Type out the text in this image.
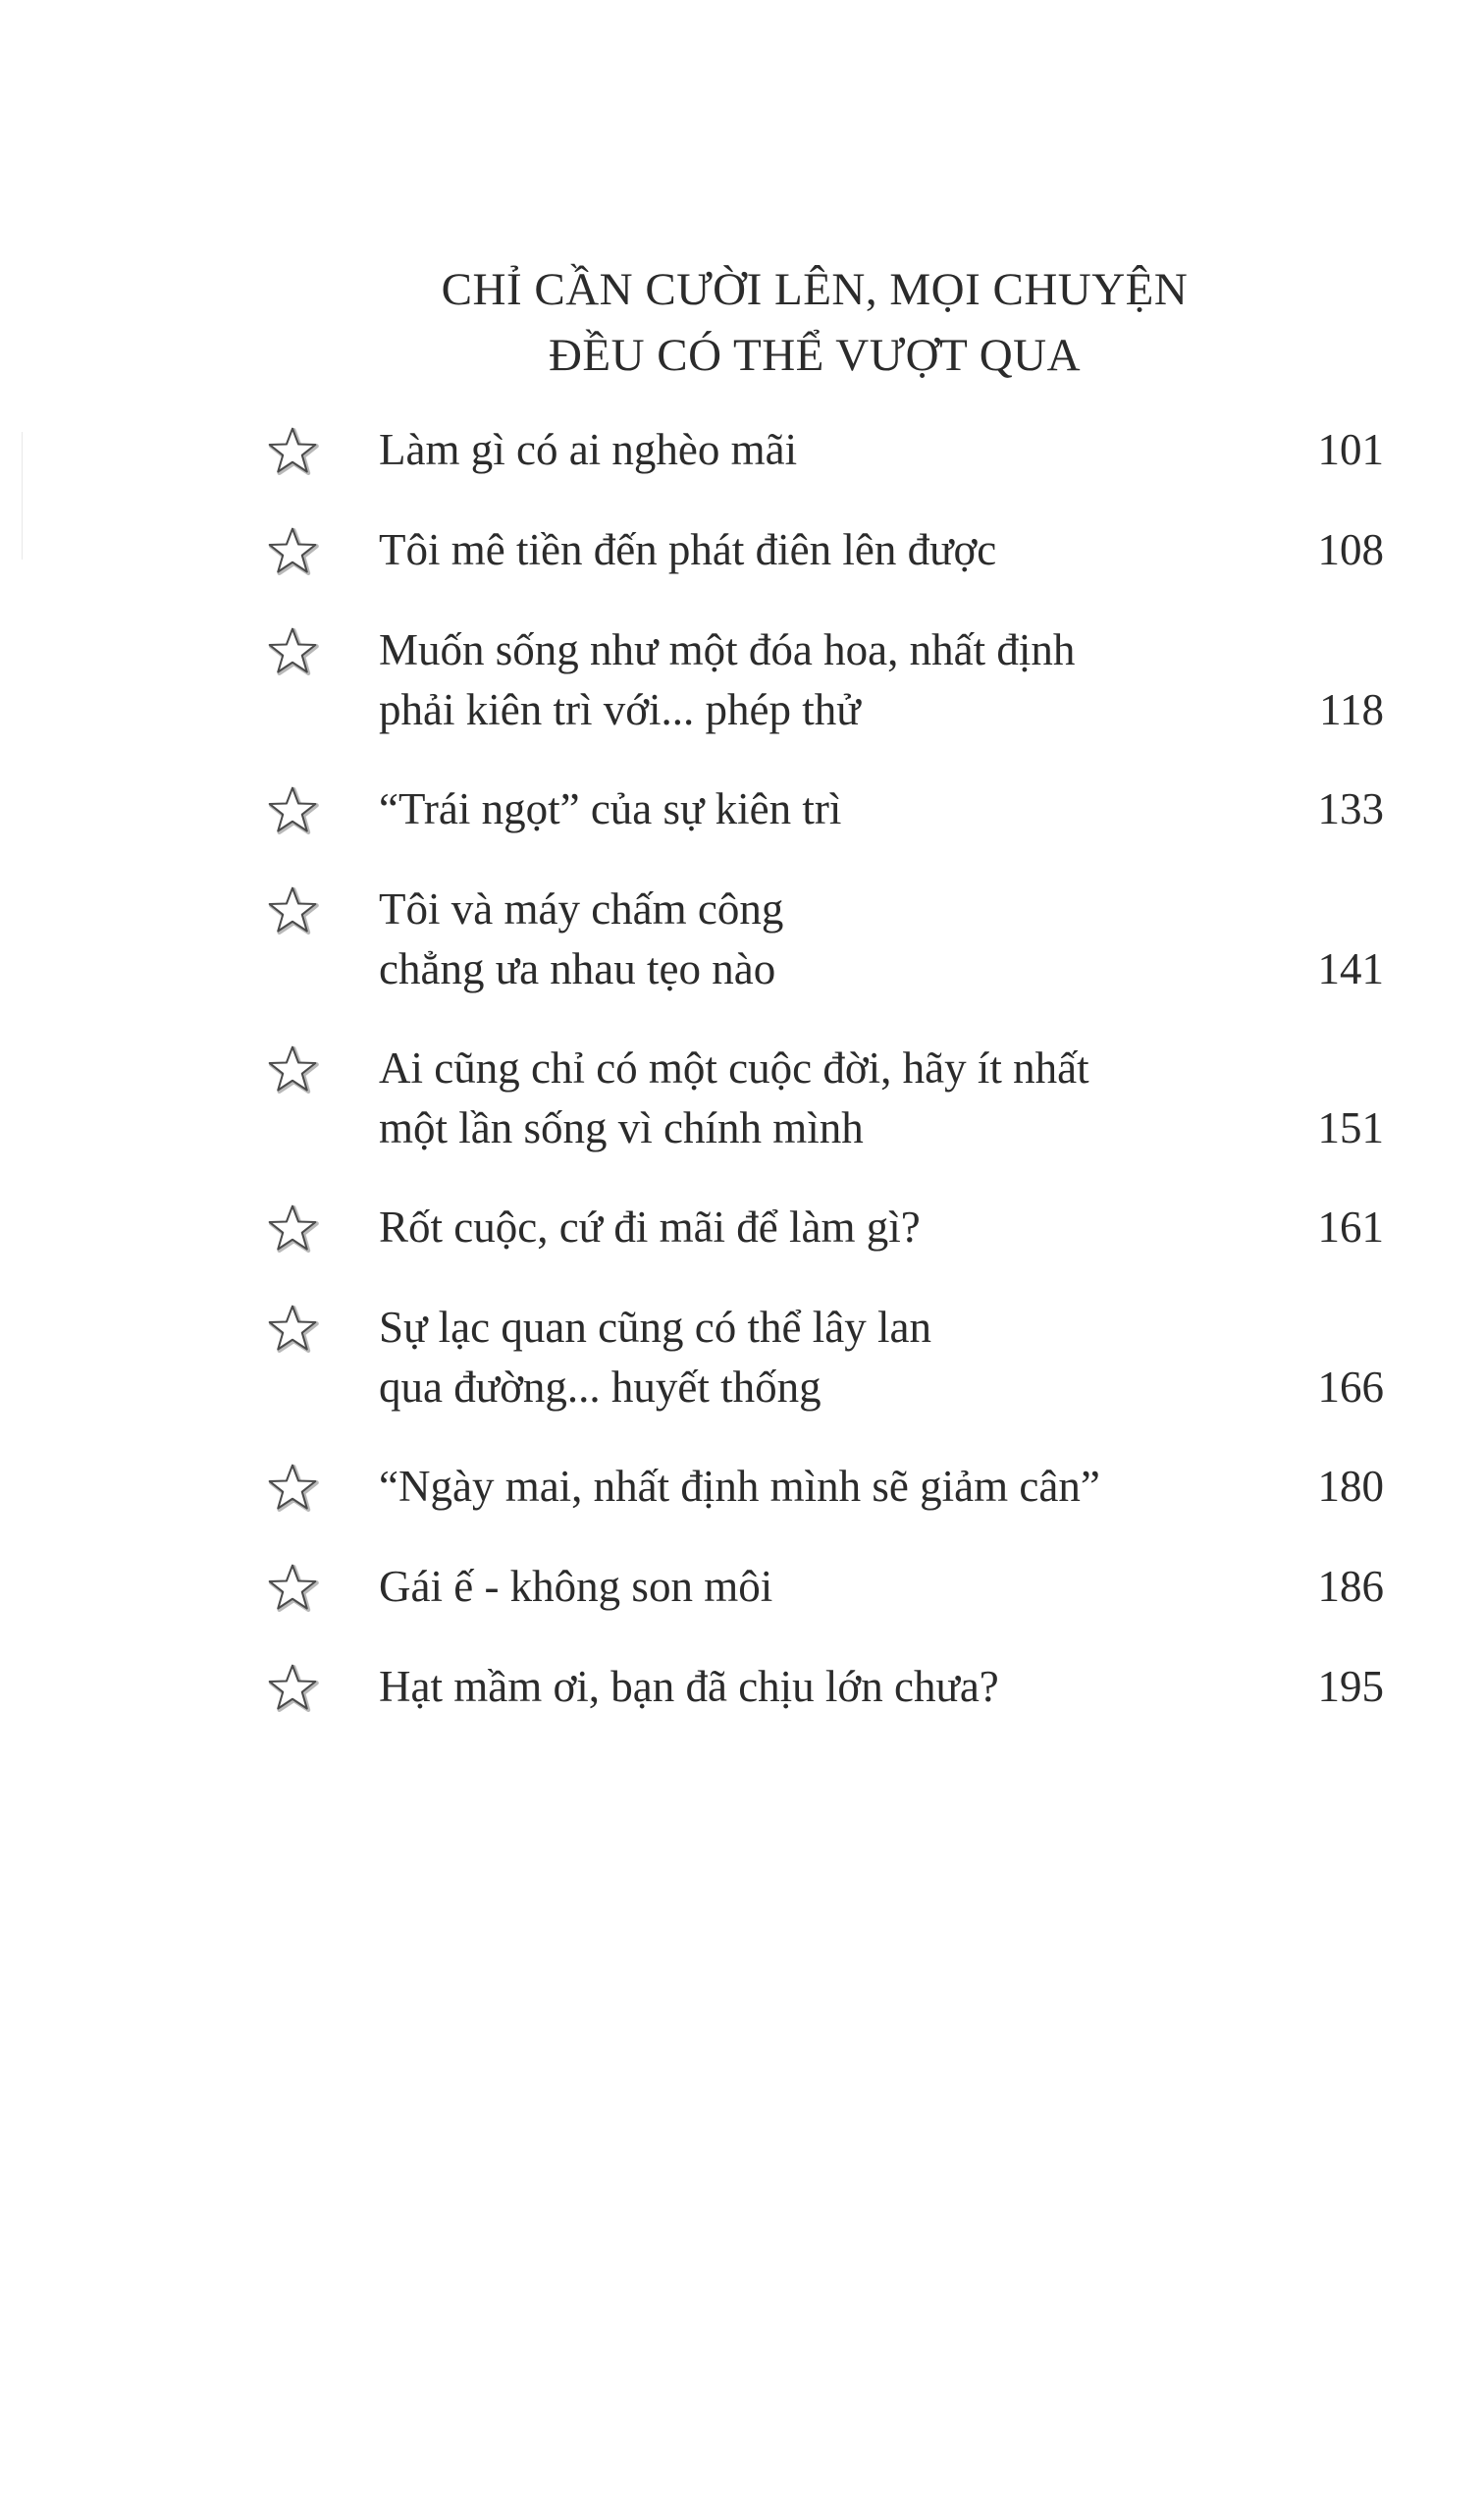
CHỈ CẦN CƯỜI LÊN, MỌI CHUYỆN
ĐỀU CÓ THỂ VƯỢT QUA
Làm gì có ai nghèo mãi	101
Tôi mê tiền đến phát điên lên được	108
Muốn sống như một đóa hoa, nhất định
phải kiên trì với... phép thử	118
“Trái ngọt” của sự kiên trì	133
Tôi và máy chấm công
chẳng ưa nhau tẹo nào	141
Ai cũng chỉ có một cuộc đời, hãy ít nhất
một lần sống vì chính mình	151
Rốt cuộc, cứ đi mãi để làm gì?	161
Sự lạc quan cũng có thể lây lan
qua đường... huyết thống	166
“Ngày mai, nhất định mình sẽ giảm cân”	180
Gái ế - không son môi	186
Hạt mầm ơi, bạn đã chịu lớn chưa?	195
